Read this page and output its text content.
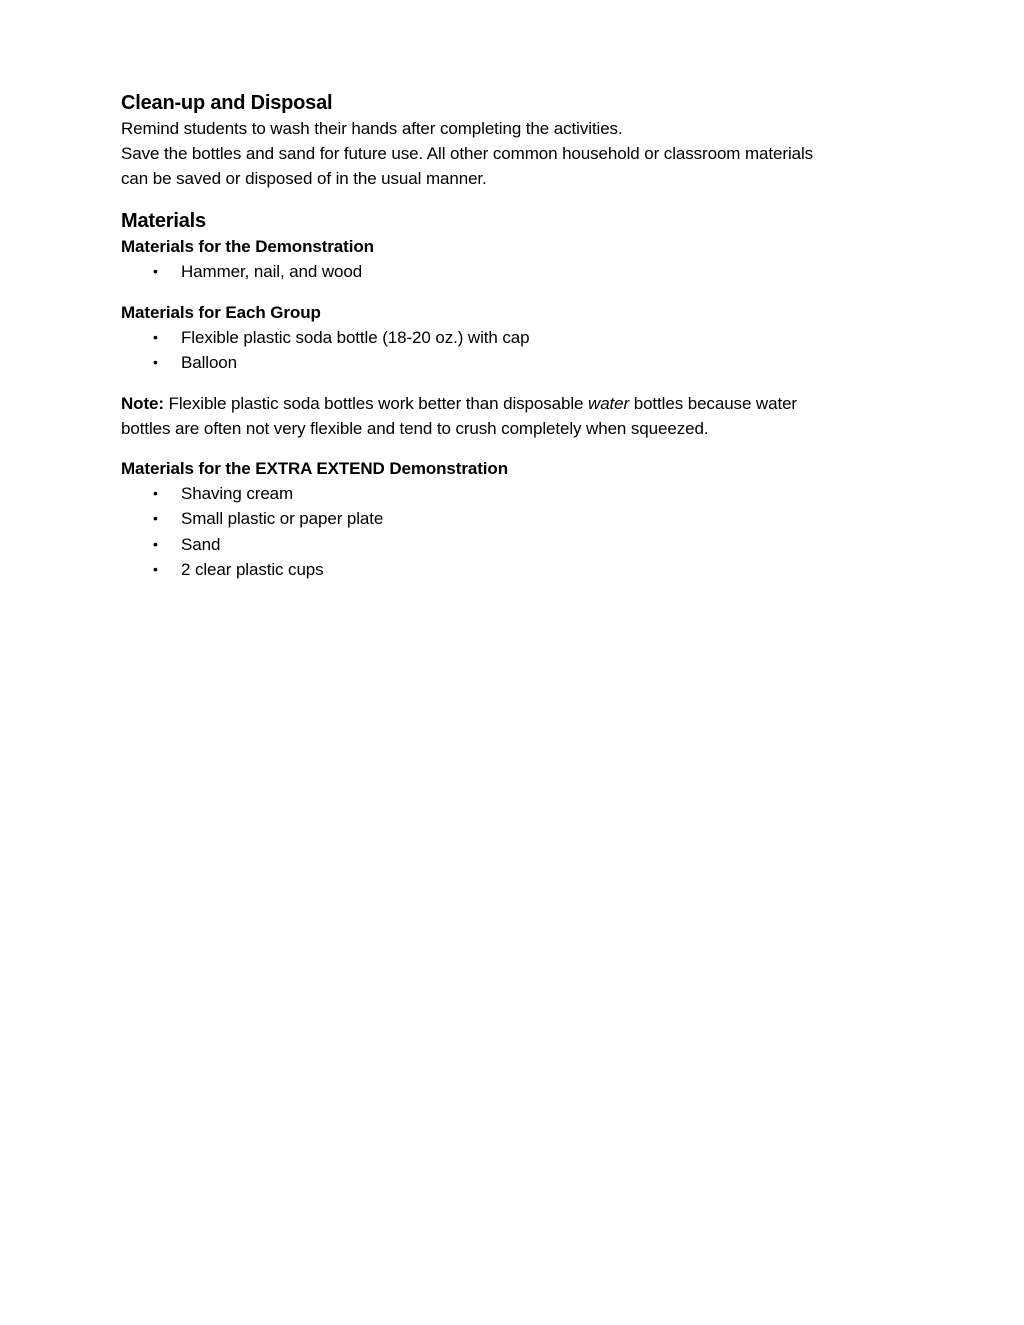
Clean-up and Disposal

Remind students to wash their hands after completing the activities.

Save the bottles and sand for future use. All other common household or classroom materials

can be saved or disposed of in the usual manner.

Materials
Materials for the Demonstration
• Hammer, nail, and wood
Materials for Each Group
• Flexible plastic soda bottle (18-20 oz.) with cap
• Balloon

Note: Flexible plastic soda bottles work better than disposable water bottles because water

bottles are often not very flexible and tend to crush completely when squeezed.

Materials for the EXTRA EXTEND Demonstration
• Shaving cream
• Small plastic or paper plate
• Sand
• 2 clear plastic cups
